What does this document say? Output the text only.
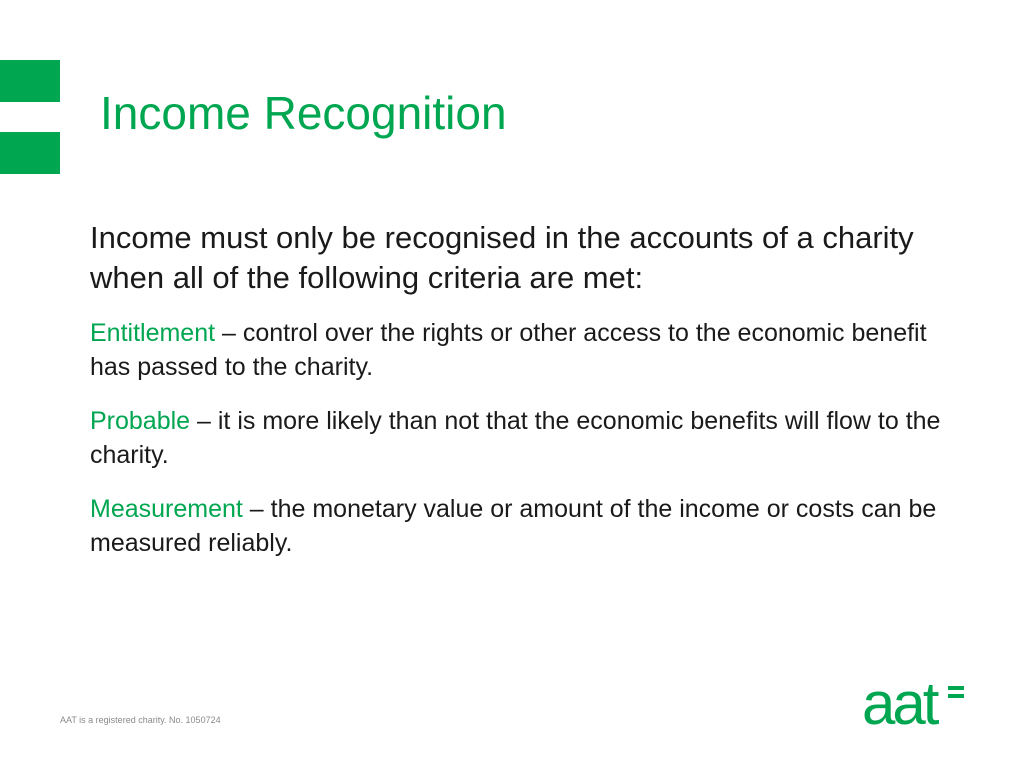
Income Recognition

Income must only be recognised in the accounts of a charity when all of the following criteria are met:

Entitlement – control over the rights or other access to the economic benefit has passed to the charity.

Probable – it is more likely than not that the economic benefits will flow to the charity.

Measurement – the monetary value or amount of the income or costs can be measured reliably.

AAT is a registered charity. No. 1050724	aat
